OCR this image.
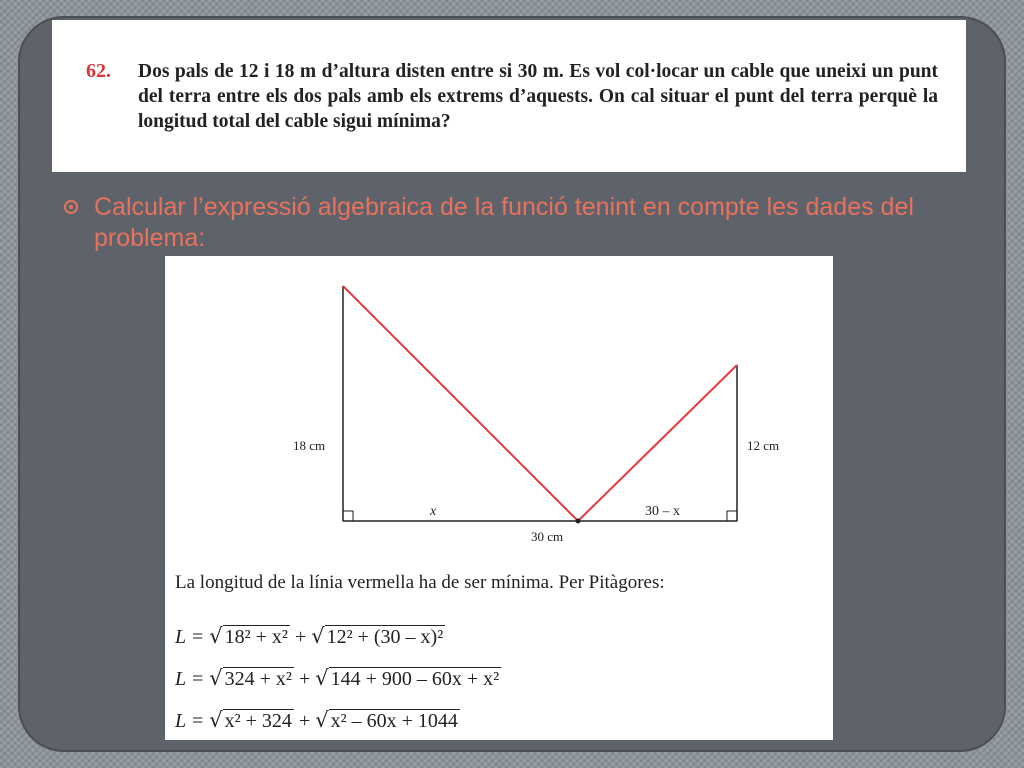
62. Dos pals de 12 i 18 m d’altura disten entre si 30 m. Es vol col·locar un cable que uneixi un punt del terra entre els dos pals amb els extrems d’aquests. On cal situar el punt del terra perquè la longitud total del cable sigui mínima?
Calcular l’expressió algebraica de la funció tenint en compte les dades del problema:
18 cm	12 cm
x	30 – x
30 cm
La longitud de la línia vermella ha de ser mínima. Per Pitàgores:
L = √ 18² + x² + √ 12² + (30 – x)²
L = √ 324 + x² + √ 144 + 900 – 60x + x²
L = √ x² + 324 + √ x² – 60x + 1044
